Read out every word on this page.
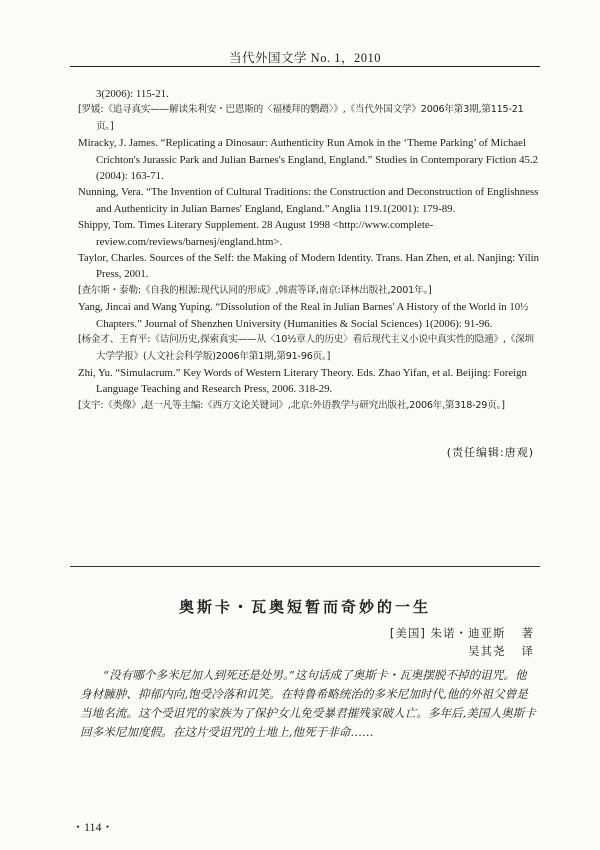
当代外国文学 No. 1，2010

3(2006): 115-21.

[罗媛:《追寻真实——解读朱利安・巴恩斯的〈福楼拜的鹦鹉〉》,《当代外国文学》2006年第3期,第115-21页。]

Miracky, J. James. “Replicating a Dinosaur: Authenticity Run Amok in the ‘Theme Parking’ of Michael Crichton's Jurassic Park and Julian Barnes's England, England.” Studies in Contemporary Fiction 45.2 (2004): 163-71.

Nunning, Vera. “The Invention of Cultural Traditions: the Construction and Deconstruction of Englishness and Authenticity in Julian Barnes' England, England.” Anglia 119.1(2001): 179-89.

Shippy, Tom. Times Literary Supplement. 28 August 1998 <http://www.complete-review.com/reviews/barnesj/england.htm>.

Taylor, Charles. Sources of the Self: the Making of Modern Identity. Trans. Han Zhen, et al. Nanjing: Yilin Press, 2001.

[查尔斯・泰勒:《自我的根源:现代认同的形成》,韩震等译,南京:译林出版社,2001年。]

Yang, Jincai and Wang Yuping. “Dissolution of the Real in Julian Barnes' A History of the World in 10½ Chapters.” Journal of Shenzhen University (Humanities & Social Sciences) 1(2006): 91-96.

[杨金才、王育平:《诘问历史,探索真实——从〈10½章人的历史〉看后现代主义小说中真实性的隐遁》,《深圳大学学报》(人文社会科学版)2006年第1期,第91-96页。]

Zhi, Yu. “Simulacrum.” Key Words of Western Literary Theory. Eds. Zhao Yifan, et al. Beijing: Foreign Language Teaching and Research Press, 2006. 318-29.

[支宇:《类像》,赵一凡等主编:《西方文论关键词》,北京:外语教学与研究出版社,2006年,第318-29页。]

(责任编辑:唐观)
奥斯卡・瓦奥短暂而奇妙的一生
[美国] 朱诺・迪亚斯 著
吴其尧 译

“没有哪个多米尼加人到死还是处男。”这句话成了奥斯卡・瓦奥摆脱不掉的诅咒。他身材臃肿、抑郁内向,饱受冷落和讥笑。在特鲁希略统治的多米尼加时代,他的外祖父曾是当地名流。这个受诅咒的家族为了保护女儿免受暴君摧残家破人亡。多年后,美国人奥斯卡回多米尼加度假。在这片受诅咒的土地上,他死于非命……

・114・
